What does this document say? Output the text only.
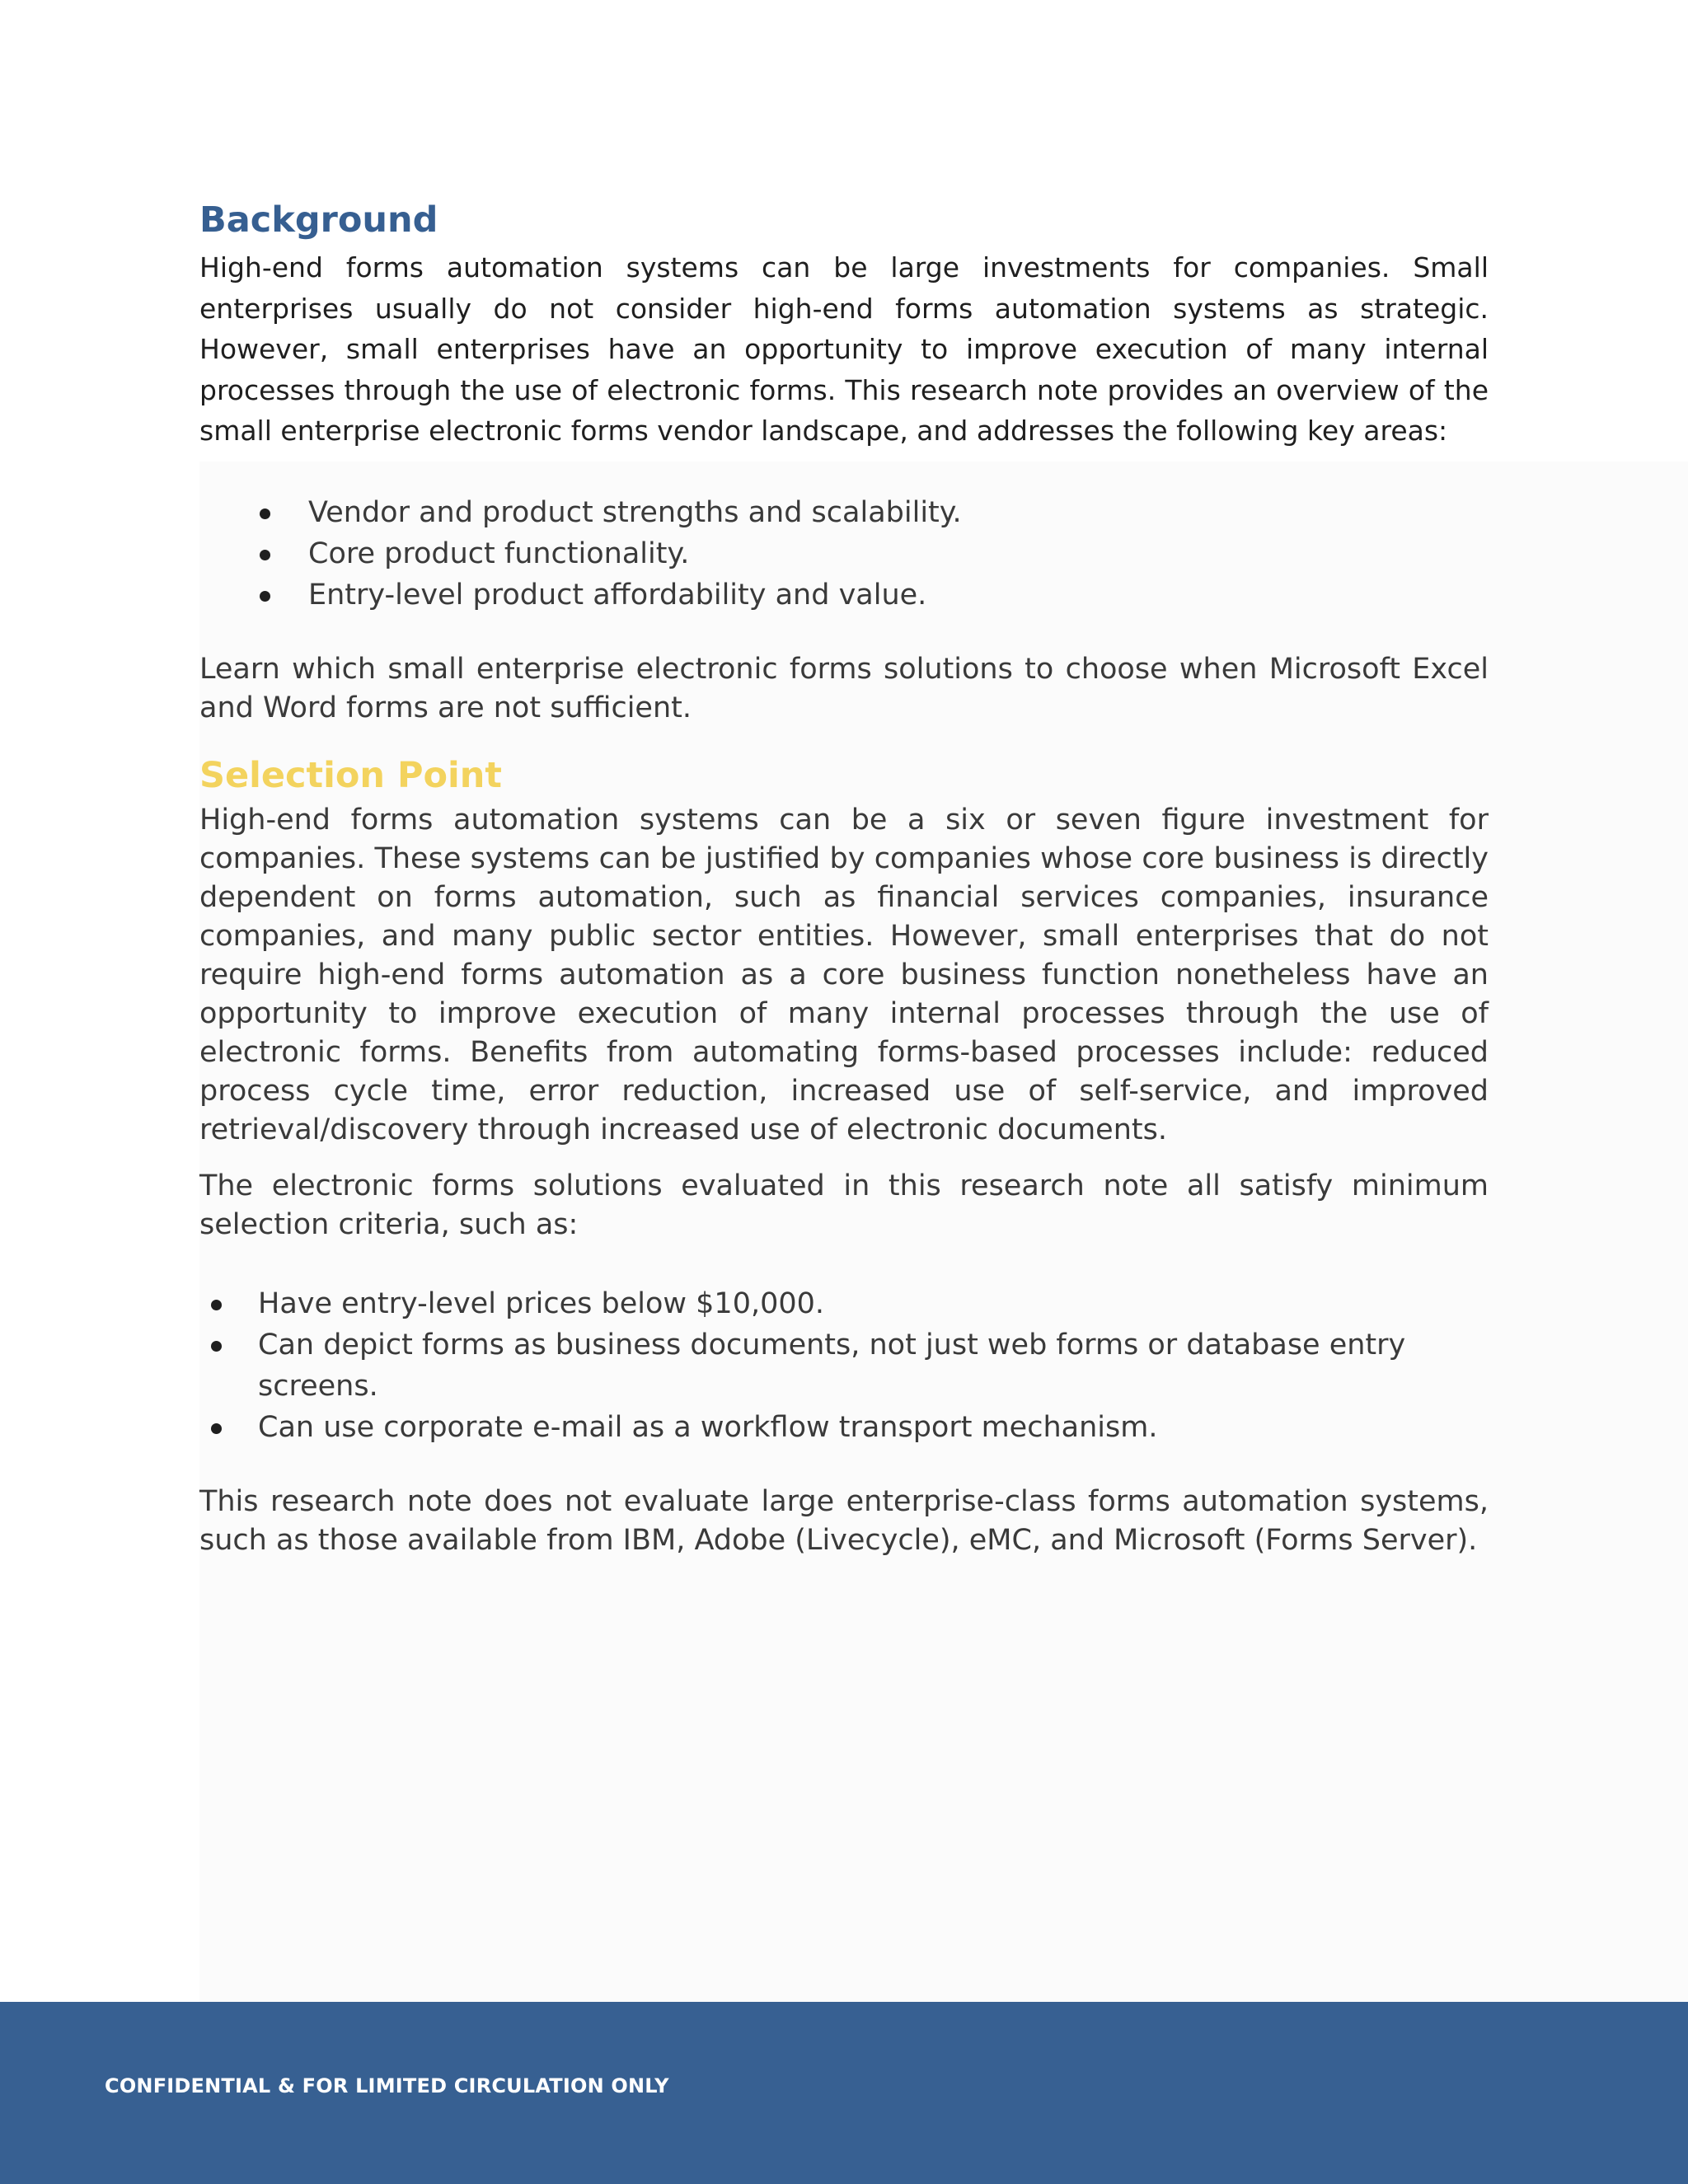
Background

High-end forms automation systems can be large investments for companies. Small enterprises usually do not consider high-end forms automation systems as strategic. However, small enterprises have an opportunity to improve execution of many internal processes through the use of electronic forms. This research note provides an overview of the small enterprise electronic forms vendor landscape, and addresses the following key areas:

Vendor and product strengths and scalability.
Core product functionality.
Entry-level product affordability and value.

Learn which small enterprise electronic forms solutions to choose when Microsoft Excel and Word forms are not sufficient.

Selection Point

High-end forms automation systems can be a six or seven figure investment for companies. These systems can be justified by companies whose core business is directly dependent on forms automation, such as financial services companies, insurance companies, and many public sector entities. However, small enterprises that do not require high-end forms automation as a core business function nonetheless have an opportunity to improve execution of many internal processes through the use of electronic forms. Benefits from automating forms-based processes include: reduced process cycle time, error reduction, increased use of self-service, and improved retrieval/discovery through increased use of electronic documents.

The electronic forms solutions evaluated in this research note all satisfy minimum selection criteria, such as:

Have entry-level prices below $10,000.
Can depict forms as business documents, not just web forms or database entry screens.
Can use corporate e-mail as a workflow transport mechanism.

This research note does not evaluate large enterprise-class forms automation systems, such as those available from IBM, Adobe (Livecycle), eMC, and Microsoft (Forms Server).

CONFIDENTIAL & FOR LIMITED CIRCULATION ONLY
